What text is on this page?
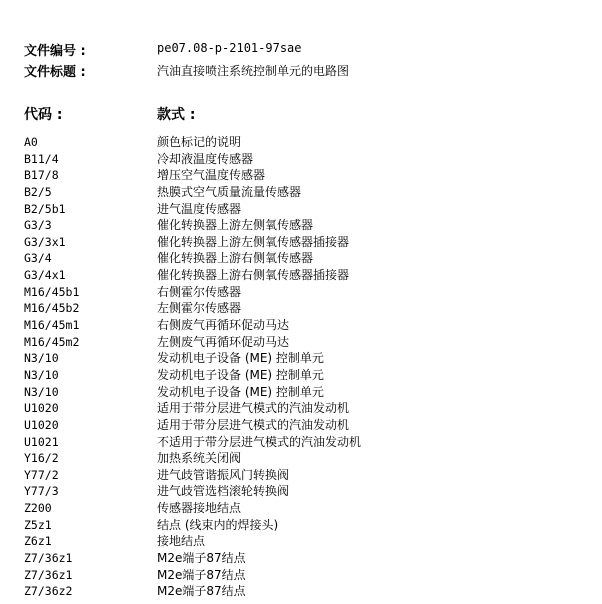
文件编号 :	pe07.08-p-2101-97sae
文件标题 :	汽油直接喷注系统控制单元的电路图
代码 :	款式 :
A0	颜色标记的说明
B11/4	冷却液温度传感器
B17/8	增压空气温度传感器
B2/5	热膜式空气质量流量传感器
B2/5b1	进气温度传感器
G3/3	催化转换器上游左侧氧传感器
G3/3x1	催化转换器上游左侧氧传感器插接器
G3/4	催化转换器上游右侧氧传感器
G3/4x1	催化转换器上游右侧氧传感器插接器
M16/45b1	右侧霍尔传感器
M16/45b2	左侧霍尔传感器
M16/45m1	右侧废气再循环促动马达
M16/45m2	左侧废气再循环促动马达
N3/10	发动机电子设备 (ME) 控制单元
N3/10	发动机电子设备 (ME) 控制单元
N3/10	发动机电子设备 (ME) 控制单元
U1020	适用于带分层进气模式的汽油发动机
U1020	适用于带分层进气模式的汽油发动机
U1021	不适用于带分层进气模式的汽油发动机
Y16/2	加热系统关闭阀
Y77/2	进气歧管谐振风门转换阀
Y77/3	进气歧管选档滚轮转换阀
Z200	传感器接地结点
Z5z1	结点 (线束内的焊接头)
Z6z1	接地结点
Z7/36z1	M2e端子87结点
Z7/36z1	M2e端子87结点
Z7/36z2	M2e端子87结点
